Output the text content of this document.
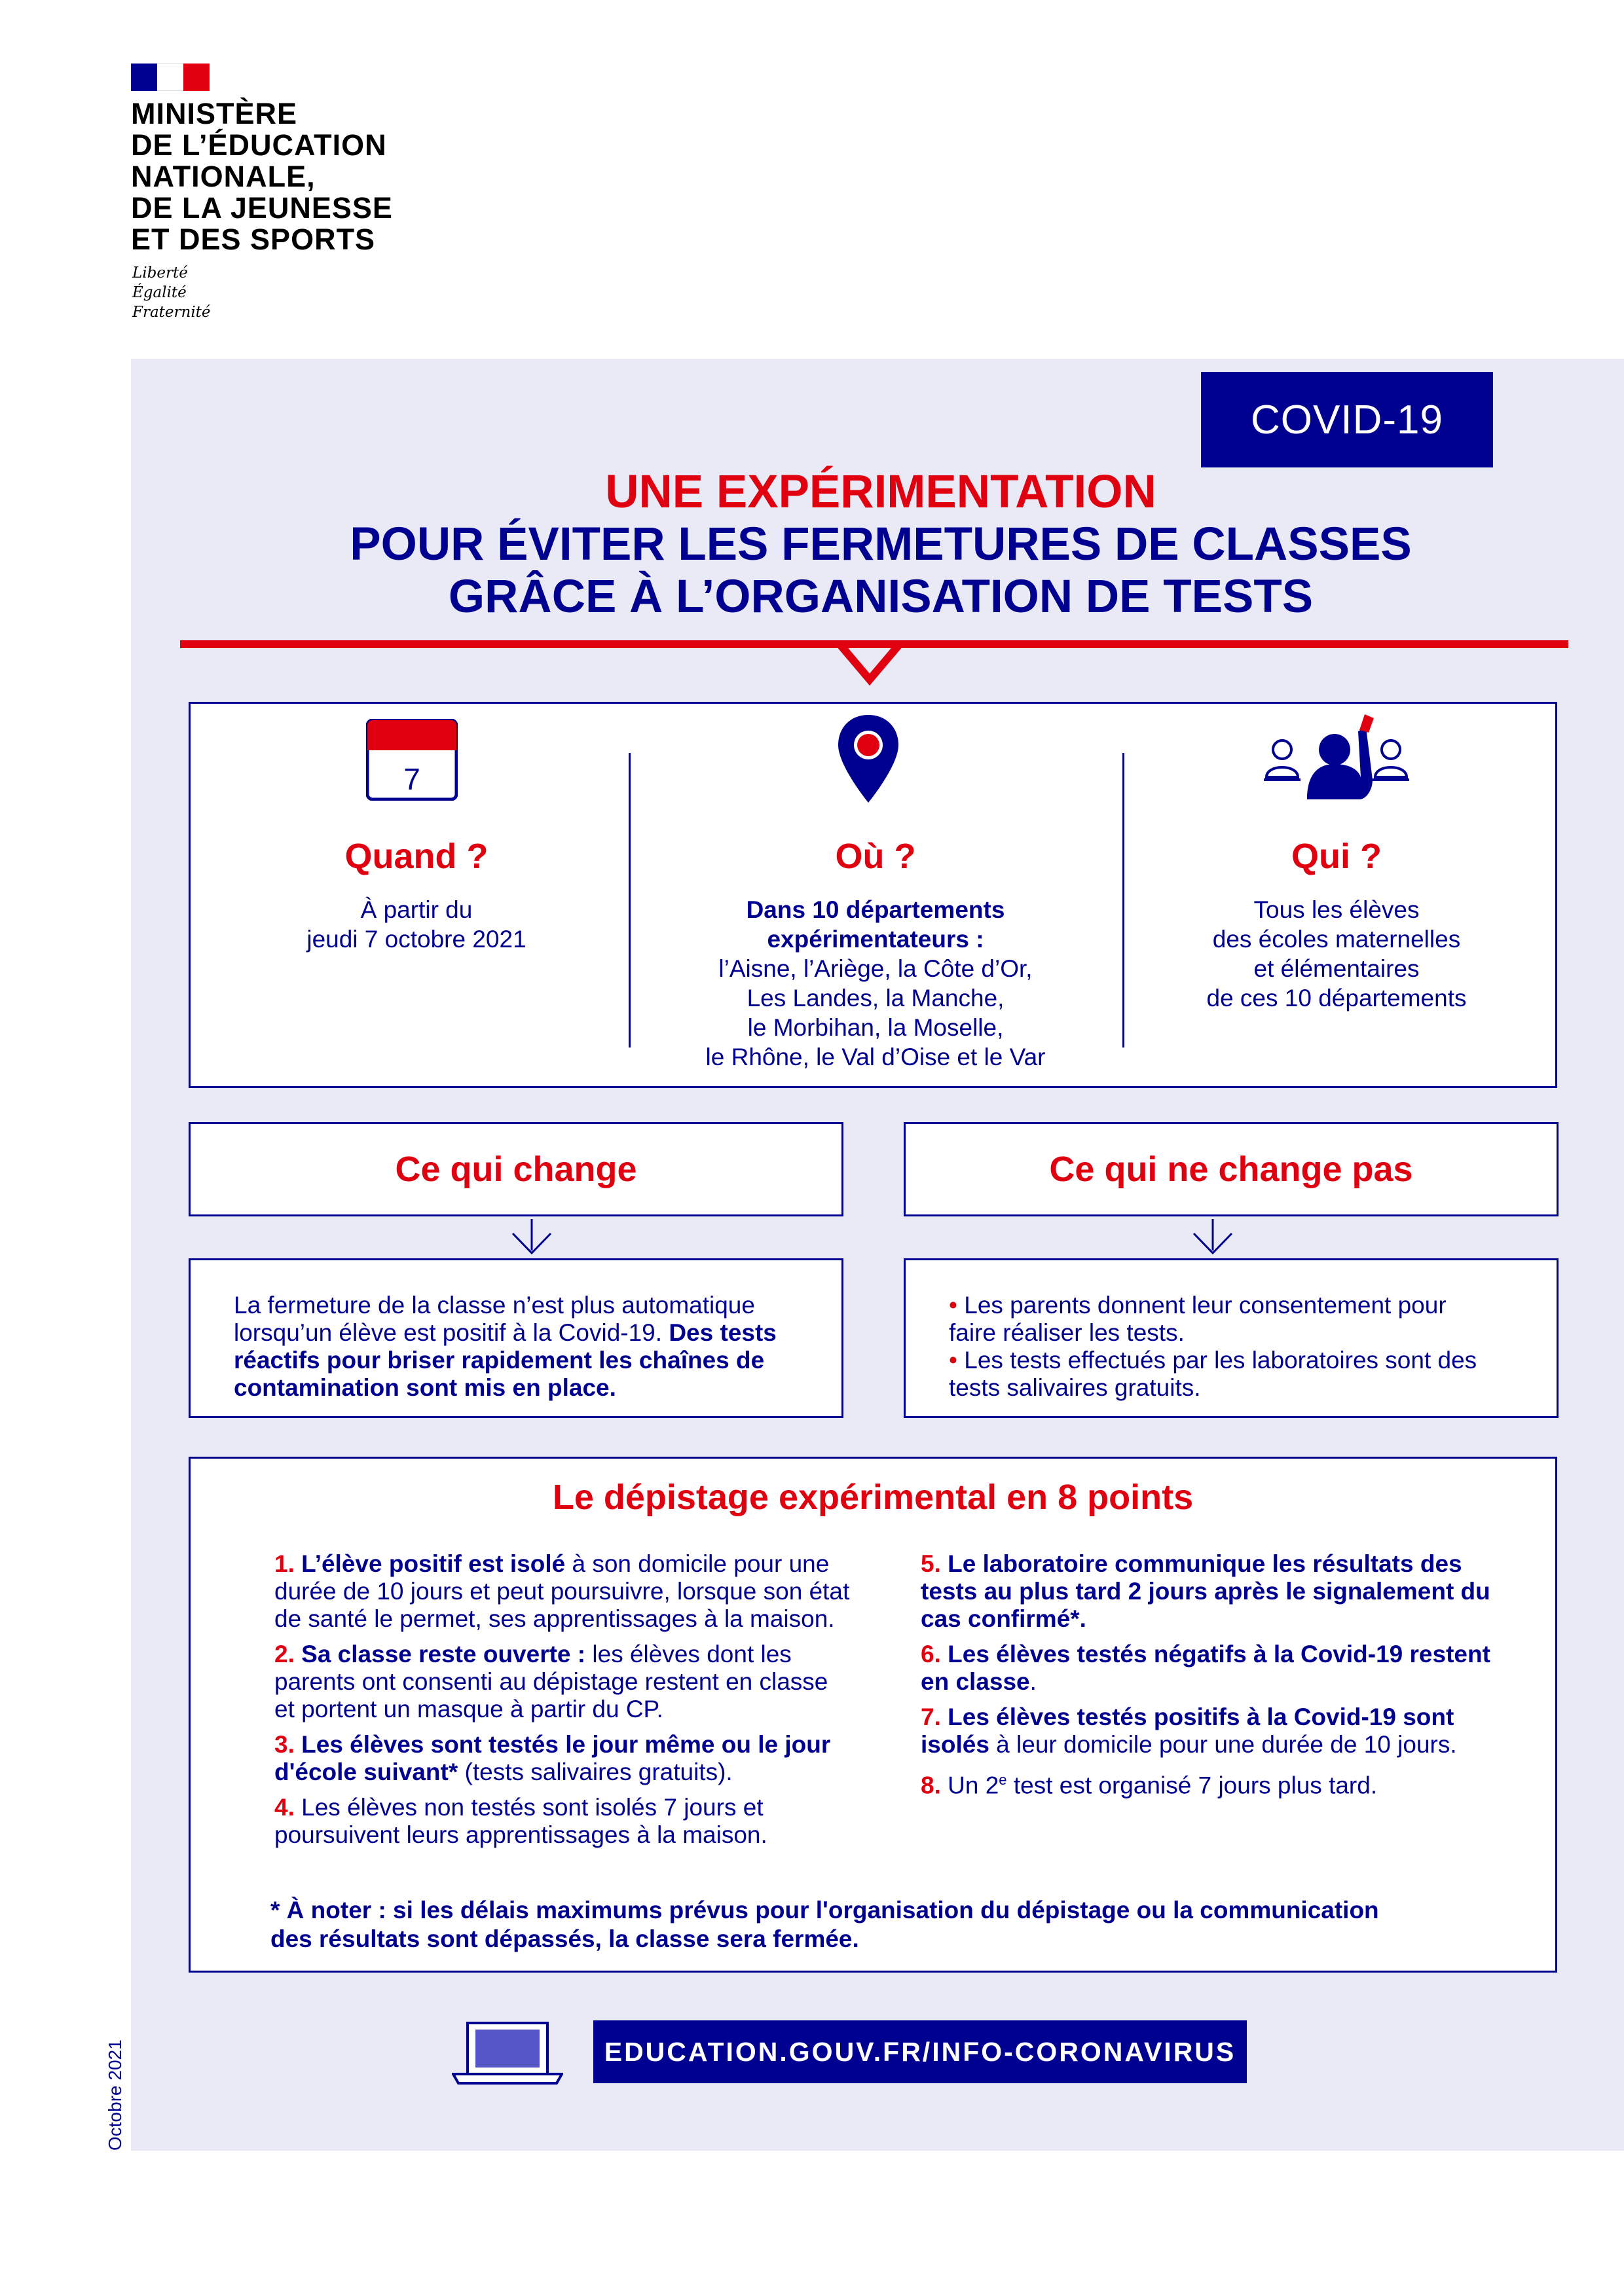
MINISTÈRE
DE L’ÉDUCATION
NATIONALE,
DE LA JEUNESSE
ET DES SPORTS
Liberté
Égalité
Fraternité
COVID-19
UNE EXPÉRIMENTATION
POUR ÉVITER LES FERMETURES DE CLASSES
GRÂCE À L’ORGANISATION DE TESTS
7
Quand ?

À partir du
jeudi 7 octobre 2021

Où ?

Dans 10 départements
expérimentateurs :
l’Aisne, l’Ariège, la Côte d’Or,
Les Landes, la Manche,
le Morbihan, la Moselle,
le Rhône, le Val d’Oise et le Var

Qui ?

Tous les élèves
des écoles maternelles
et élémentaires
de ces 10 départements

Ce qui change
La fermeture de la classe n’est plus automatique lorsqu’un élève est positif à la Covid-19. Des tests réactifs pour briser rapidement les chaînes de contamination sont mis en place.
Ce qui ne change pas
• Les parents donnent leur consentement pour faire réaliser les tests.
• Les tests effectués par les laboratoires sont des tests salivaires gratuits.
Le dépistage expérimental en 8 points

1. L’élève positif est isolé à son domicile pour une durée de 10 jours et peut poursuivre, lorsque son état de santé le permet, ses apprentissages à la maison.

2. Sa classe reste ouverte : les élèves dont les parents ont consenti au dépistage restent en classe et portent un masque à partir du CP.

3. Les élèves sont testés le jour même ou le jour d'école suivant* (tests salivaires gratuits).

4. Les élèves non testés sont isolés 7 jours et poursuivent leurs apprentissages à la maison.

5. Le laboratoire communique les résultats des tests au plus tard 2 jours après le signalement du cas confirmé*.

6. Les élèves testés négatifs à la Covid-19 restent en classe.

7. Les élèves testés positifs à la Covid-19 sont isolés à leur domicile pour une durée de 10 jours.

8. Un 2e test est organisé 7 jours plus tard.

* À noter : si les délais maximums prévus pour l'organisation du dépistage ou la communication
des résultats sont dépassés, la classe sera fermée.
EDUCATION.GOUV.FR/INFO-CORONAVIRUS
Octobre 2021
